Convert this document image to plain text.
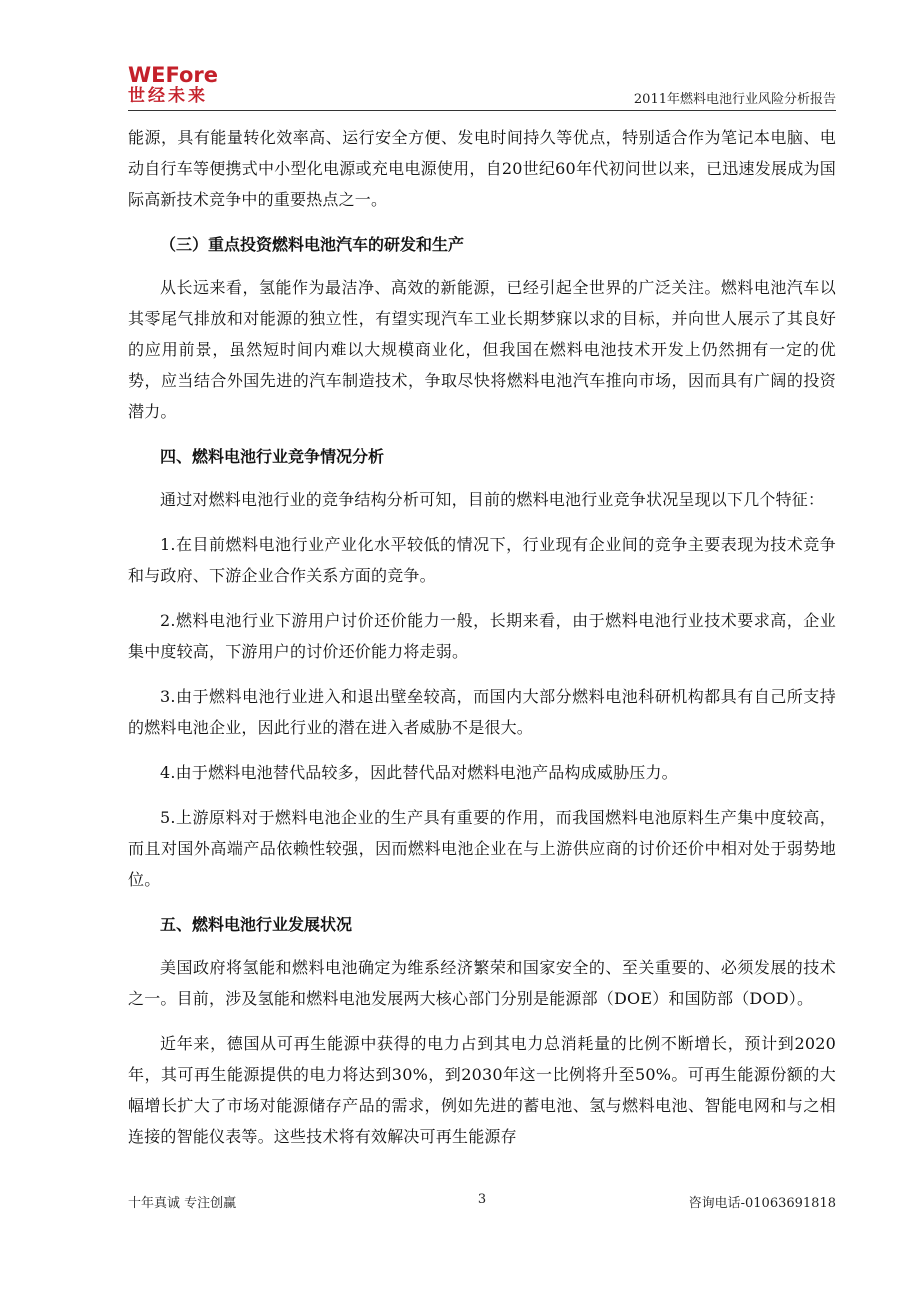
WEFore
世经未来	2011年燃料电池行业风险分析报告

能源，具有能量转化效率高、运行安全方便、发电时间持久等优点，特别适合作为笔记本电脑、电动自行车等便携式中小型化电源或充电电源使用，自20世纪60年代初问世以来，已迅速发展成为国际高新技术竞争中的重要热点之一。

（三）重点投资燃料电池汽车的研发和生产

从长远来看，氢能作为最洁净、高效的新能源，已经引起全世界的广泛关注。燃料电池汽车以其零尾气排放和对能源的独立性，有望实现汽车工业长期梦寐以求的目标，并向世人展示了其良好的应用前景，虽然短时间内难以大规模商业化，但我国在燃料电池技术开发上仍然拥有一定的优势，应当结合外国先进的汽车制造技术，争取尽快将燃料电池汽车推向市场，因而具有广阔的投资潜力。

四、燃料电池行业竞争情况分析

通过对燃料电池行业的竞争结构分析可知，目前的燃料电池行业竞争状况呈现以下几个特征：

1.在目前燃料电池行业产业化水平较低的情况下，行业现有企业间的竞争主要表现为技术竞争和与政府、下游企业合作关系方面的竞争。

2.燃料电池行业下游用户讨价还价能力一般，长期来看，由于燃料电池行业技术要求高，企业集中度较高，下游用户的讨价还价能力将走弱。

3.由于燃料电池行业进入和退出壁垒较高，而国内大部分燃料电池科研机构都具有自己所支持的燃料电池企业，因此行业的潜在进入者威胁不是很大。

4.由于燃料电池替代品较多，因此替代品对燃料电池产品构成威胁压力。

5.上游原料对于燃料电池企业的生产具有重要的作用，而我国燃料电池原料生产集中度较高，而且对国外高端产品依赖性较强，因而燃料电池企业在与上游供应商的讨价还价中相对处于弱势地位。

五、燃料电池行业发展状况

美国政府将氢能和燃料电池确定为维系经济繁荣和国家安全的、至关重要的、必须发展的技术之一。目前，涉及氢能和燃料电池发展两大核心部门分别是能源部（DOE）和国防部（DOD）。

近年来，德国从可再生能源中获得的电力占到其电力总消耗量的比例不断增长，预计到2020年，其可再生能源提供的电力将达到30%，到2030年这一比例将升至50%。可再生能源份额的大幅增长扩大了市场对能源储存产品的需求，例如先进的蓄电池、氢与燃料电池、智能电网和与之相连接的智能仪表等。这些技术将有效解决可再生能源存

十年真诚 专注创赢	3	咨询电话-01063691818
